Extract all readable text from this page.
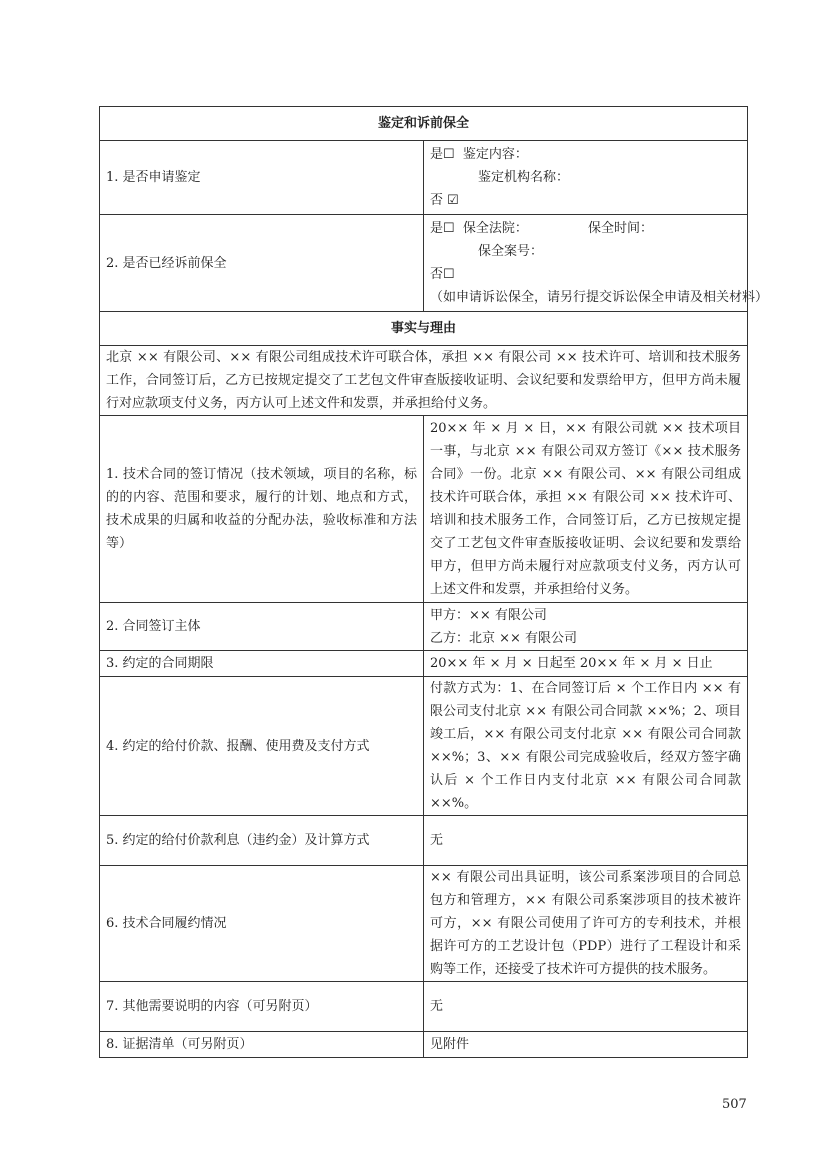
鉴定和诉前保全	
1. 是否申请鉴定	是☐ 鉴定内容：
鉴定机构名称：
否 ☑

2. 是否已经诉前保全	是☐ 保全法院： 保全时间：
保全案号：
否☐
（如申请诉讼保全，请另行提交诉讼保全申请及相关材料）

事实与理由	
北京 ×× 有限公司、×× 有限公司组成技术许可联合体，承担 ×× 有限公司 ×× 技术许可、培训和技术服务工作，合同签订后，乙方已按规定提交了工艺包文件审查版接收证明、会议纪要和发票给甲方，但甲方尚未履行对应款项支付义务，丙方认可上述文件和发票，并承担给付义务。	
1. 技术合同的签订情况（技术领域，项目的名称，标的的内容、范围和要求，履行的计划、地点和方式，技术成果的归属和收益的分配办法，验收标准和方法等）	20×× 年 × 月 × 日，×× 有限公司就 ×× 技术项目一事，与北京 ×× 有限公司双方签订《×× 技术服务合同》一份。北京 ×× 有限公司、×× 有限公司组成技术许可联合体，承担 ×× 有限公司 ×× 技术许可、培训和技术服务工作，合同签订后，乙方已按规定提交了工艺包文件审查版接收证明、会议纪要和发票给甲方，但甲方尚未履行对应款项支付义务，丙方认可上述文件和发票，并承担给付义务。
2. 合同签订主体	甲方：×× 有限公司
乙方：北京 ×× 有限公司

3. 约定的合同期限	20×× 年 × 月 × 日起至 20×× 年 × 月 × 日止
4. 约定的给付价款、报酬、使用费及支付方式	付款方式为：1、在合同签订后 × 个工作日内 ×× 有限公司支付北京 ×× 有限公司合同款 ××%；2、项目竣工后，×× 有限公司支付北京 ×× 有限公司合同款 ××%；3、×× 有限公司完成验收后，经双方签字确认后 × 个工作日内支付北京 ×× 有限公司合同款 ××%。
5. 约定的给付价款利息（违约金）及计算方式	无
6. 技术合同履约情况	×× 有限公司出具证明，该公司系案涉项目的合同总包方和管理方，×× 有限公司系案涉项目的技术被许可方，×× 有限公司使用了许可方的专利技术，并根据许可方的工艺设计包（PDP）进行了工程设计和采购等工作，还接受了技术许可方提供的技术服务。
7. 其他需要说明的内容（可另附页）	无
8. 证据清单（可另附页）	见附件
507
